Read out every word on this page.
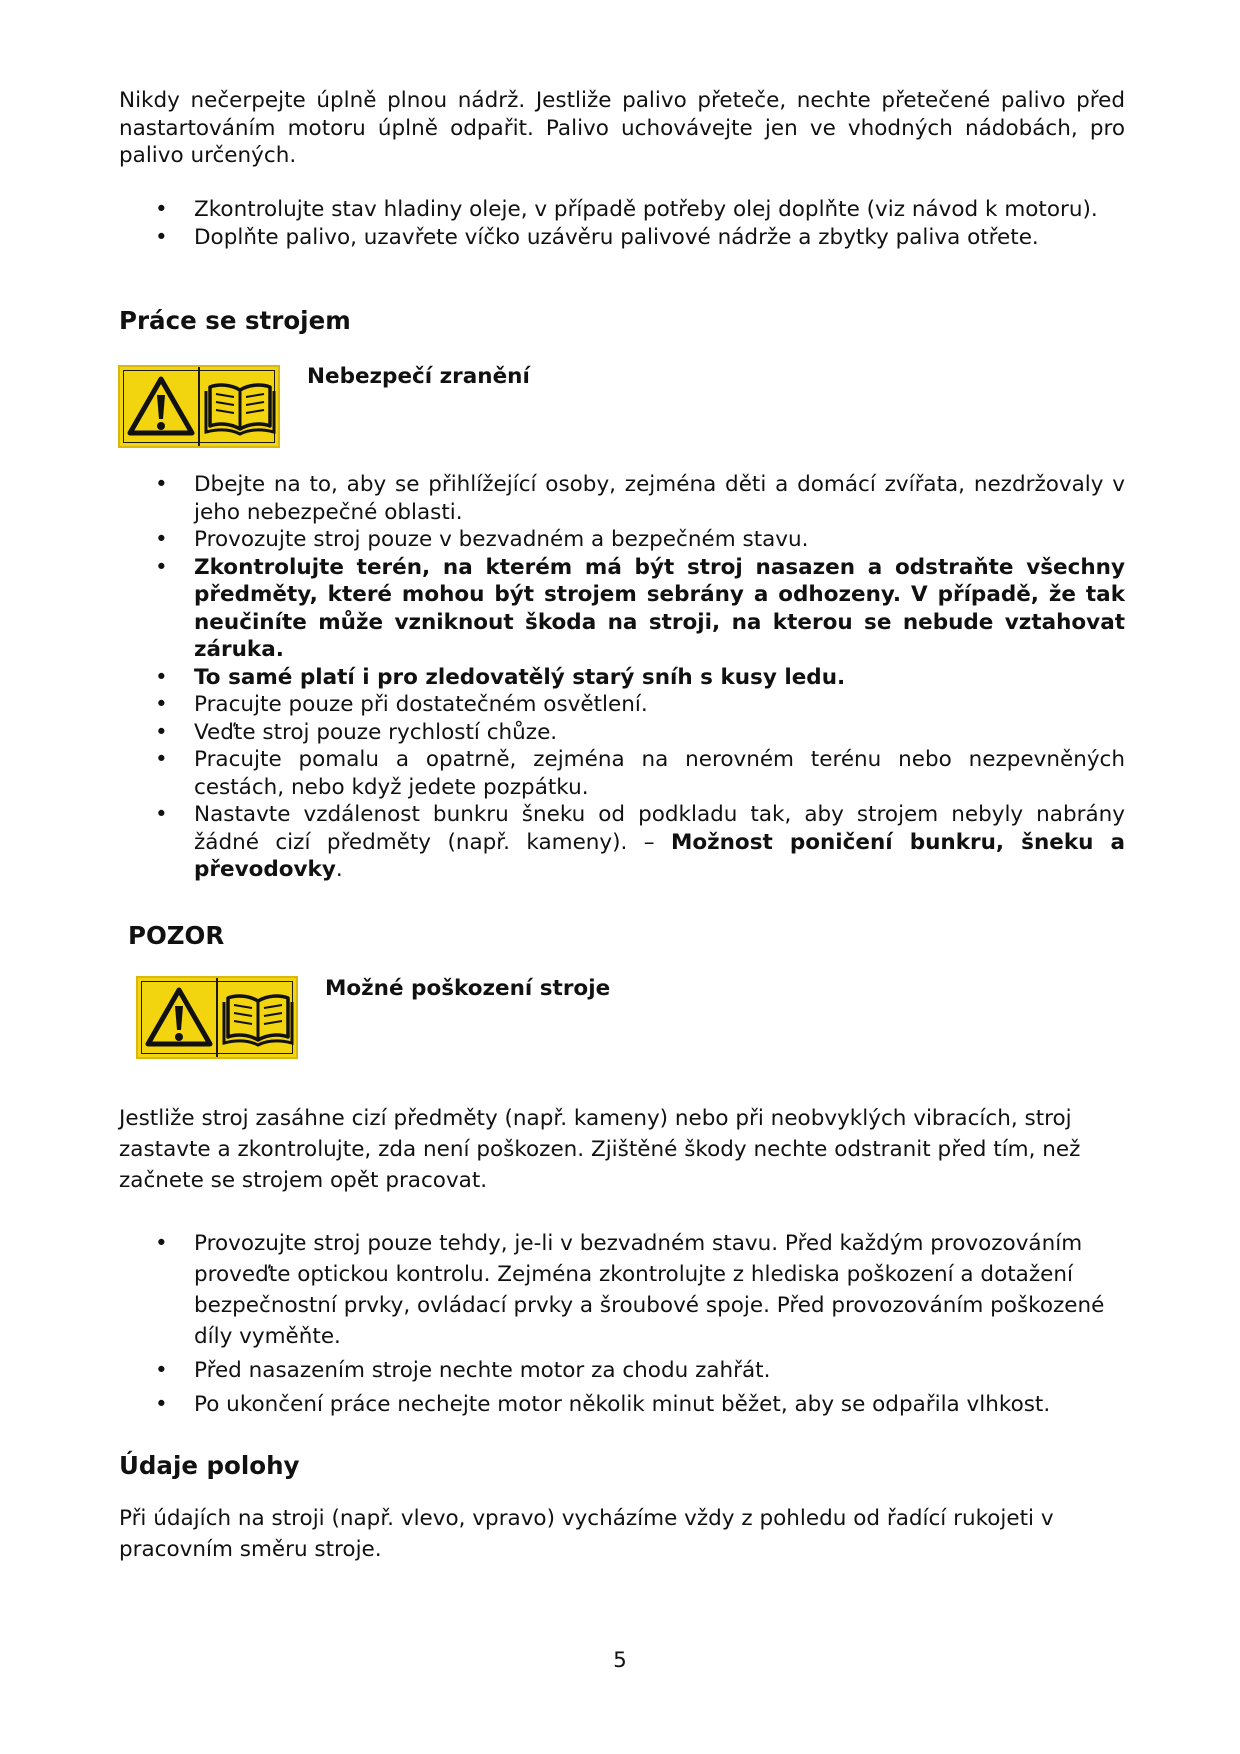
Nikdy nečerpejte úplně plnou nádrž. Jestliže palivo přeteče, nechte přetečené palivo před nastartováním motoru úplně odpařit. Palivo uchovávejte jen ve vhodných nádobách, pro palivo určených.

• Zkontrolujte stav hladiny oleje, v případě potřeby olej doplňte (viz návod k motoru).
• Doplňte palivo, uzavřete víčko uzávěru palivové nádrže a zbytky paliva otřete.
Práce se strojem
Nebezpečí zranění
• Dbejte na to, aby se přihlížející osoby, zejména děti a domácí zvířata, nezdržovaly v jeho nebezpečné oblasti.
• Provozujte stroj pouze v bezvadném a bezpečném stavu.
• Zkontrolujte terén, na kterém má být stroj nasazen a odstraňte všechny předměty, které mohou být strojem sebrány a odhozeny. V případě, že tak neučiníte může vzniknout škoda na stroji, na kterou se nebude vztahovat záruka.
• To samé platí i pro zledovatělý starý sníh s kusy ledu.
• Pracujte pouze při dostatečném osvětlení.
• Veďte stroj pouze rychlostí chůze.
• Pracujte pomalu a opatrně, zejména na nerovném terénu nebo nezpevněných cestách, nebo když jedete pozpátku.
• Nastavte vzdálenost bunkru šneku od podkladu tak, aby strojem nebyly nabrány žádné cizí předměty (např. kameny). – Možnost poničení bunkru, šneku a převodovky.
POZOR
Možné poškození stroje

Jestliže stroj zasáhne cizí předměty (např. kameny) nebo při neobvyklých vibracích, stroj zastavte a zkontrolujte, zda není poškozen. Zjištěné škody nechte odstranit před tím, než začnete se strojem opět pracovat.

• Provozujte stroj pouze tehdy, je-li v bezvadném stavu. Před každým provozováním proveďte optickou kontrolu. Zejména zkontrolujte z hlediska poškození a dotažení bezpečnostní prvky, ovládací prvky a šroubové spoje. Před provozováním poškozené díly vyměňte.
• Před nasazením stroje nechte motor za chodu zahřát.
• Po ukončení práce nechejte motor několik minut běžet, aby se odpařila vlhkost.
Údaje polohy

Při údajích na stroji (např. vlevo, vpravo) vycházíme vždy z pohledu od řadící rukojeti v pracovním směru stroje.

5
